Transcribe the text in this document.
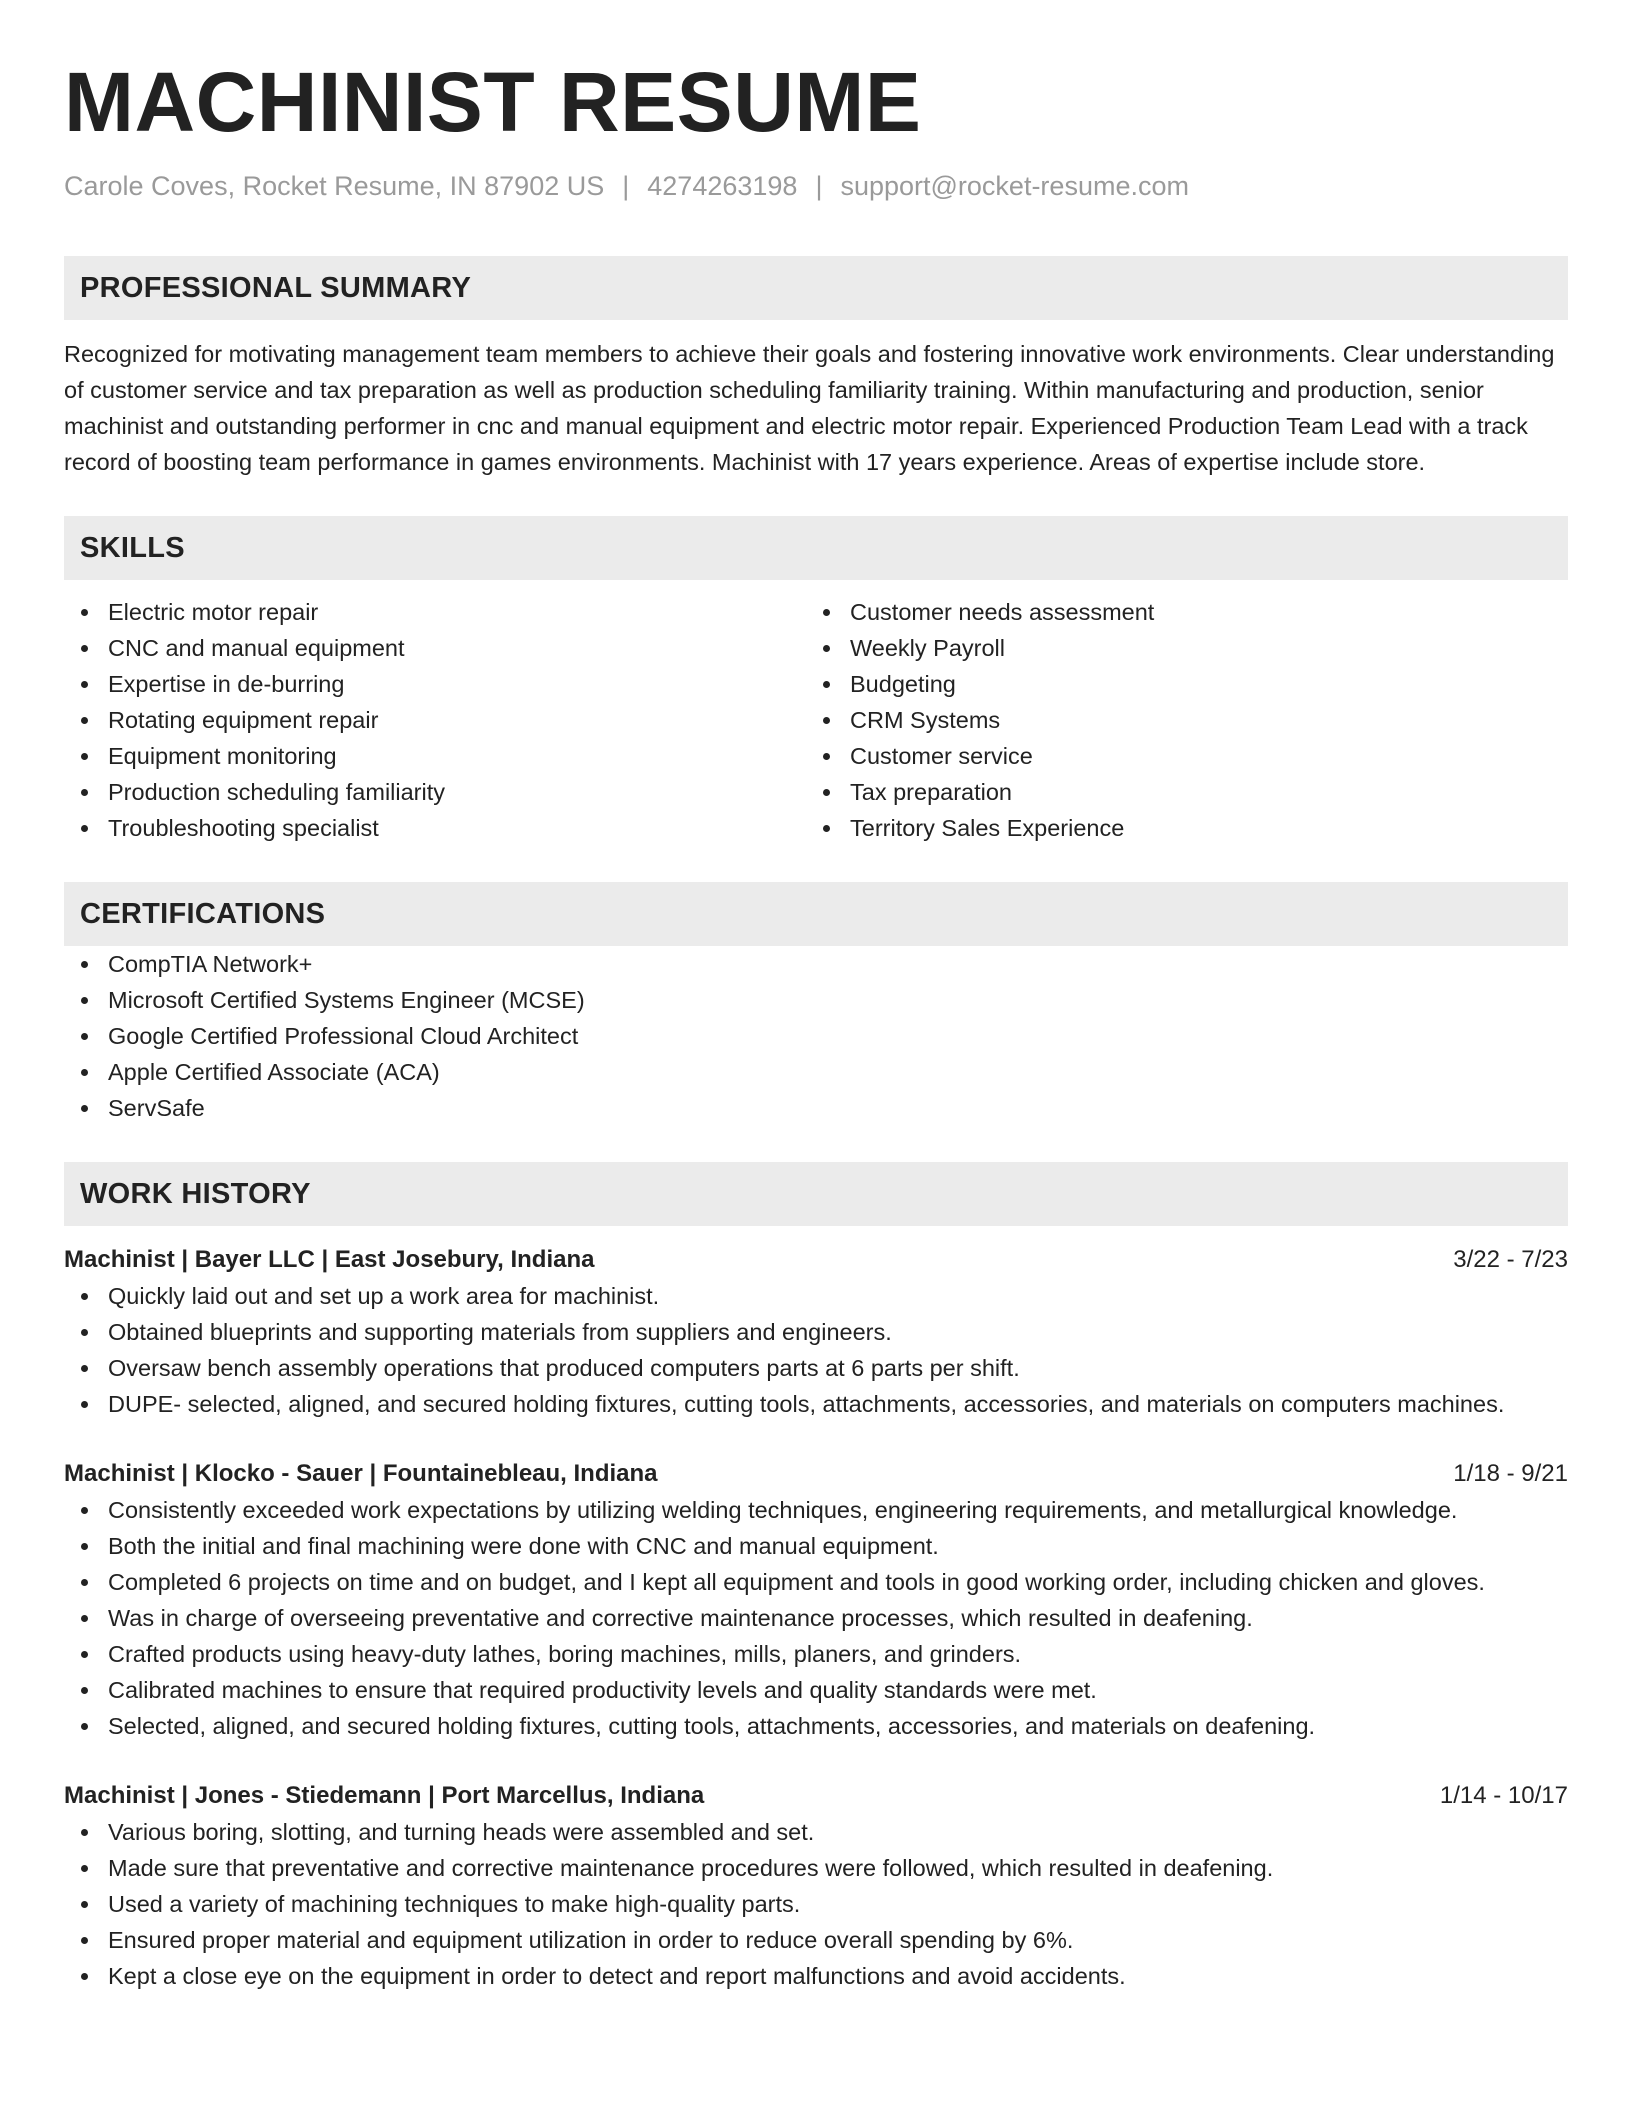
MACHINIST RESUME
Carole Coves, Rocket Resume, IN 87902 US | 4274263198 | support@rocket-resume.com
PROFESSIONAL SUMMARY

Recognized for motivating management team members to achieve their goals and fostering innovative work environments. Clear understanding of customer service and tax preparation as well as production scheduling familiarity training. Within manufacturing and production, senior machinist and outstanding performer in cnc and manual equipment and electric motor repair. Experienced Production Team Lead with a track record of boosting team performance in games environments. Machinist with 17 years experience. Areas of expertise include store.

SKILLS
Electric motor repair
CNC and manual equipment
Expertise in de-burring
Rotating equipment repair
Equipment monitoring
Production scheduling familiarity
Troubleshooting specialist
Customer needs assessment
Weekly Payroll
Budgeting
CRM Systems
Customer service
Tax preparation
Territory Sales Experience
CERTIFICATIONS
CompTIA Network+
Microsoft Certified Systems Engineer (MCSE)
Google Certified Professional Cloud Architect
Apple Certified Associate (ACA)
ServSafe
WORK HISTORY
Machinist | Bayer LLC | East Josebury, Indiana	3/22 - 7/23
Quickly laid out and set up a work area for machinist.
Obtained blueprints and supporting materials from suppliers and engineers.
Oversaw bench assembly operations that produced computers parts at 6 parts per shift.
DUPE- selected, aligned, and secured holding fixtures, cutting tools, attachments, accessories, and materials on computers machines.
Machinist | Klocko - Sauer | Fountainebleau, Indiana	1/18 - 9/21
Consistently exceeded work expectations by utilizing welding techniques, engineering requirements, and metallurgical knowledge.
Both the initial and final machining were done with CNC and manual equipment.
Completed 6 projects on time and on budget, and I kept all equipment and tools in good working order, including chicken and gloves.
Was in charge of overseeing preventative and corrective maintenance processes, which resulted in deafening.
Crafted products using heavy-duty lathes, boring machines, mills, planers, and grinders.
Calibrated machines to ensure that required productivity levels and quality standards were met.
Selected, aligned, and secured holding fixtures, cutting tools, attachments, accessories, and materials on deafening.
Machinist | Jones - Stiedemann | Port Marcellus, Indiana	1/14 - 10/17
Various boring, slotting, and turning heads were assembled and set.
Made sure that preventative and corrective maintenance procedures were followed, which resulted in deafening.
Used a variety of machining techniques to make high-quality parts.
Ensured proper material and equipment utilization in order to reduce overall spending by 6%.
Kept a close eye on the equipment in order to detect and report malfunctions and avoid accidents.
